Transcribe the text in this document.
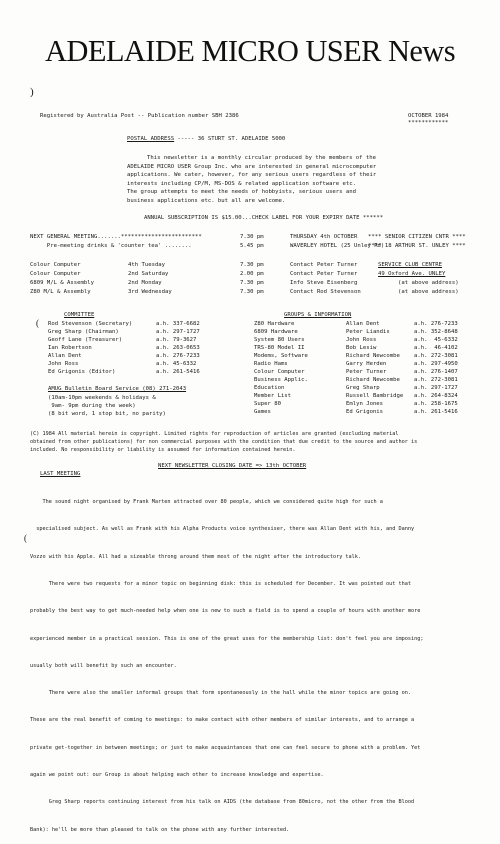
ADELAIDE MICRO USER News
)
Registered by Australia Post -- Publication number SBH 2386	OCTOBER 1984
************
POSTAL ADDRESS ----- 36 STURT ST. ADELAIDE 5000
This newsletter is a monthly circular produced by the members of the
ADELAIDE MICRO USER Group Inc. who are interested in general microcomputer
applications. We cater, however, for any serious users regardless of their
interests including CP/M, MS-DOS & related application software etc.
The group attempts to meet the needs of hobbyists, serious users and
business applications etc. but all are welcome.
ANNUAL SUBSCRIPTION IS $15.00...CHECK LABEL FOR YOUR EXPIRY DATE ******
NEXT GENERAL MEETING.......************************	7.30 pm	THURSDAY 4th OCTOBER **** SENIOR CITIZEN CNTR ****
Pre-meeting drinks & 'counter tea' ........	5.45 pm	WAVERLEY HOTEL (25 Unley Rd)
**** 18 ARTHUR ST. UNLEY ****
Colour Computer	4th Tuesday	7.30 pm	Contact Peter Turner	SERVICE CLUB CENTRE
Colour Computer	2nd Saturday	2.00 pm	Contact Peter Turner	49 Oxford Ave. UNLEY
6809 M/L & Assembly	2nd Monday	7.30 pm	Info Steve Eisenberg	(at above address)
Z80 M/L & Assembly	3rd Wednesday	7.30 pm	Contact Rod Stevenson	(at above address)
COMMITTEE
Rod Stevenson (Secretary)	a.h. 337-6682
Greg Sharp (Chairman)	a.h. 297-1727
Geoff Lane (Treasurer)	a.h. 79-3627
Ian Robertson	a.h. 263-0653
Allan Dent	a.h. 276-7233
John Ross	a.h. 45-6332
Ed Grigonis (Editor)	a.h. 261-5416
AMUG Bulletin Board Service (08) 271-2043
(10am-10pm weekends & holidays &
9am- 9pm during the week)
(8 bit word, 1 stop bit, no parity)
GROUPS & INFORMATION
Z80 Hardware	Allan Dent	a.h. 276-7233
6809 Hardware	Peter Liandis	a.h. 352-8648
System 80 Users	John Ross	a.h.  45-6332
TRS-80 Model II	Bob Lesiw	a.h.  46-4102
Modems, Software	Richard Newcombe	a.h. 272-3081
Radio Hams	Garry Herden	a.h. 297-4950
Colour Computer	Peter Turner	a.h. 276-1407
Business Applic.	Richard Newcombe	a.h. 272-3081
Education	Greg Sharp	a.h. 297-1727
Member List	Russell Bambridge a.h. 264-8324
Super 80	Emlyn Jones	a.h. 258-1675
Games	Ed Grigonis	a.h. 261-5416
(C) 1984 All material herein is copyright. Limited rights for reproduction of articles are granted (excluding material
obtained from other publications) for non commercial purposes with the condition that due credit to the source and author is
included. No responsibility or liability is assumed for information contained herein.
NEXT NEWSLETTER CLOSING DATE => 13th OCTOBER
LAST MEETING

The sound night organised by Frank Marten attracted over 80 people, which we considered quite high for such a

specialised subject. As well as Frank with his Alpha Products voice synthesiser, there was Allan Dent with his, and Danny

Vozzo with his Apple. All had a sizeable throng around them most of the night after the introductory talk.

There were two requests for a minor topic on beginning disk: this is scheduled for December. It was pointed out that

probably the best way to get much-needed help when one is new to such a field is to spend a couple of hours with another more

experienced member in a practical session. This is one of the great uses for the membership list: don't feel you are imposing;

usually both will benefit by such an encounter.

There were also the smaller informal groups that form spontaneously in the hall while the minor topics are going on.

These are the real benefit of coming to meetings: to make contact with other members of similar interests, and to arrange a

private get-together in between meetings; or just to make acquaintances that one can feel secure to phone with a problem. Yet

again we point out: our Group is about helping each other to increase knowledge and expertise.

Greg Sharp reports continuing interest from his talk on AIDS (the database from 80micro, not the other from the Blood

Bank): he'll be more than pleased to talk on the phone with any further interested.

(
(
